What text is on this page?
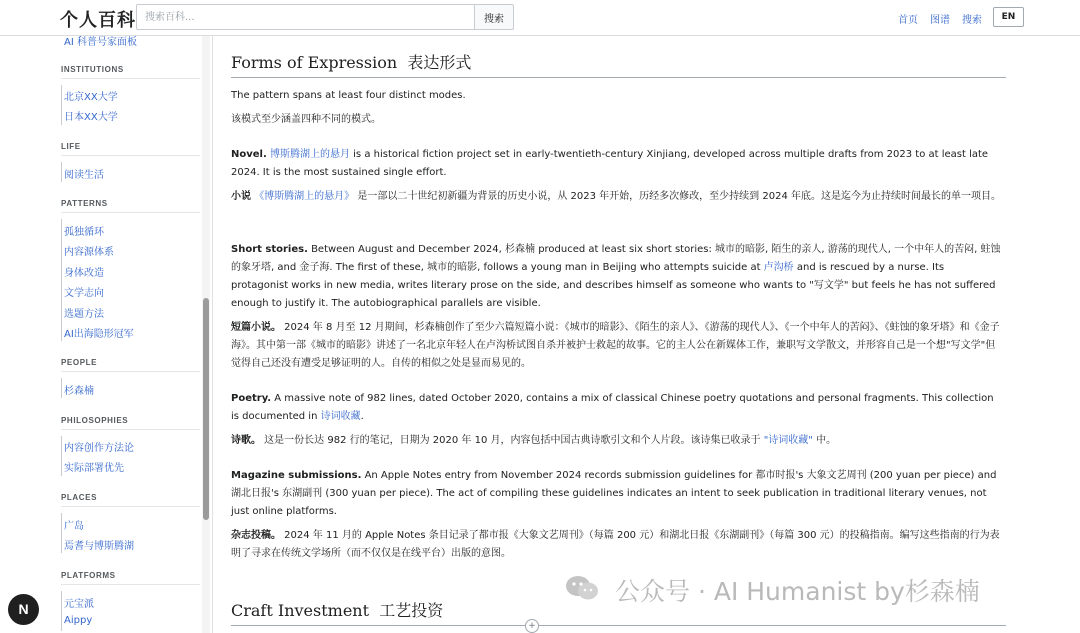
个人百科
搜索百科...	搜索	首页 图谱 搜索	EN
AI 科普号家面板
INSTITUTIONS
北京XX大学
日本XX大学
LIFE
阅读生活
PATTERNS
孤独循环
内容源体系
身体改造
文学志向
选题方法
AI出海隐形冠军
PEOPLE
杉森楠
PHILOSOPHIES
内容创作方法论
实际部署优先
PLACES
广岛
焉耆与博斯腾湖
PLATFORMS
元宝派
Aippy
N
Forms of Expression 表达形式

The pattern spans at least four distinct modes.

该模式至少涵盖四种不同的模式。

Novel. 博斯腾湖上的悬月 is a historical fiction project set in early-twentieth-century Xinjiang, developed across multiple drafts from 2023 to at least late 2024. It is the most sustained single effort.

小说 《博斯腾湖上的悬月》 是一部以二十世纪初新疆为背景的历史小说，从 2023 年开始，历经多次修改，至少持续到 2024 年底。这是迄今为止持续时间最长的单一项目。

Short stories. Between August and December 2024, 杉森楠 produced at least six short stories: 城市的暗影, 陌生的亲人, 游荡的现代人, 一个中年人的苦闷, 蛀蚀的象牙塔, and 金子海. The first of these, 城市的暗影, follows a young man in Beijing who attempts suicide at 卢沟桥 and is rescued by a nurse. Its protagonist works in new media, writes literary prose on the side, and describes himself as someone who wants to "写文学" but feels he has not suffered enough to justify it. The autobiographical parallels are visible.

短篇小说。 2024 年 8 月至 12 月期间，杉森楠创作了至少六篇短篇小说：《城市的暗影》、《陌生的亲人》、《游荡的现代人》、《一个中年人的苦闷》、《蛀蚀的象牙塔》和《金子海》。其中第一部《城市的暗影》讲述了一名北京年轻人在卢沟桥试图自杀并被护士救起的故事。它的主人公在新媒体工作，兼职写文学散文，并形容自己是一个想"写文学"但觉得自己还没有遭受足够证明的人。自传的相似之处是显而易见的。

Poetry. A massive note of 982 lines, dated October 2020, contains a mix of classical Chinese poetry quotations and personal fragments. This collection is documented in 诗词收藏.

诗歌。 这是一份长达 982 行的笔记，日期为 2020 年 10 月，内容包括中国古典诗歌引文和个人片段。该诗集已收录于 "诗词收藏" 中。

Magazine submissions. An Apple Notes entry from November 2024 records submission guidelines for 都市时报's 大象文艺周刊 (200 yuan per piece) and 湖北日报's 东湖副刊 (300 yuan per piece). The act of compiling these guidelines indicates an intent to seek publication in traditional literary venues, not just online platforms.

杂志投稿。 2024 年 11 月的 Apple Notes 条目记录了都市报《大象文艺周刊》（每篇 200 元）和湖北日报《东湖副刊》（每篇 300 元）的投稿指南。编写这些指南的行为表明了寻求在传统文学场所（而不仅仅是在线平台）出版的意图。

Craft Investment 工艺投资
+
公众号 · AI Humanist by杉森楠
